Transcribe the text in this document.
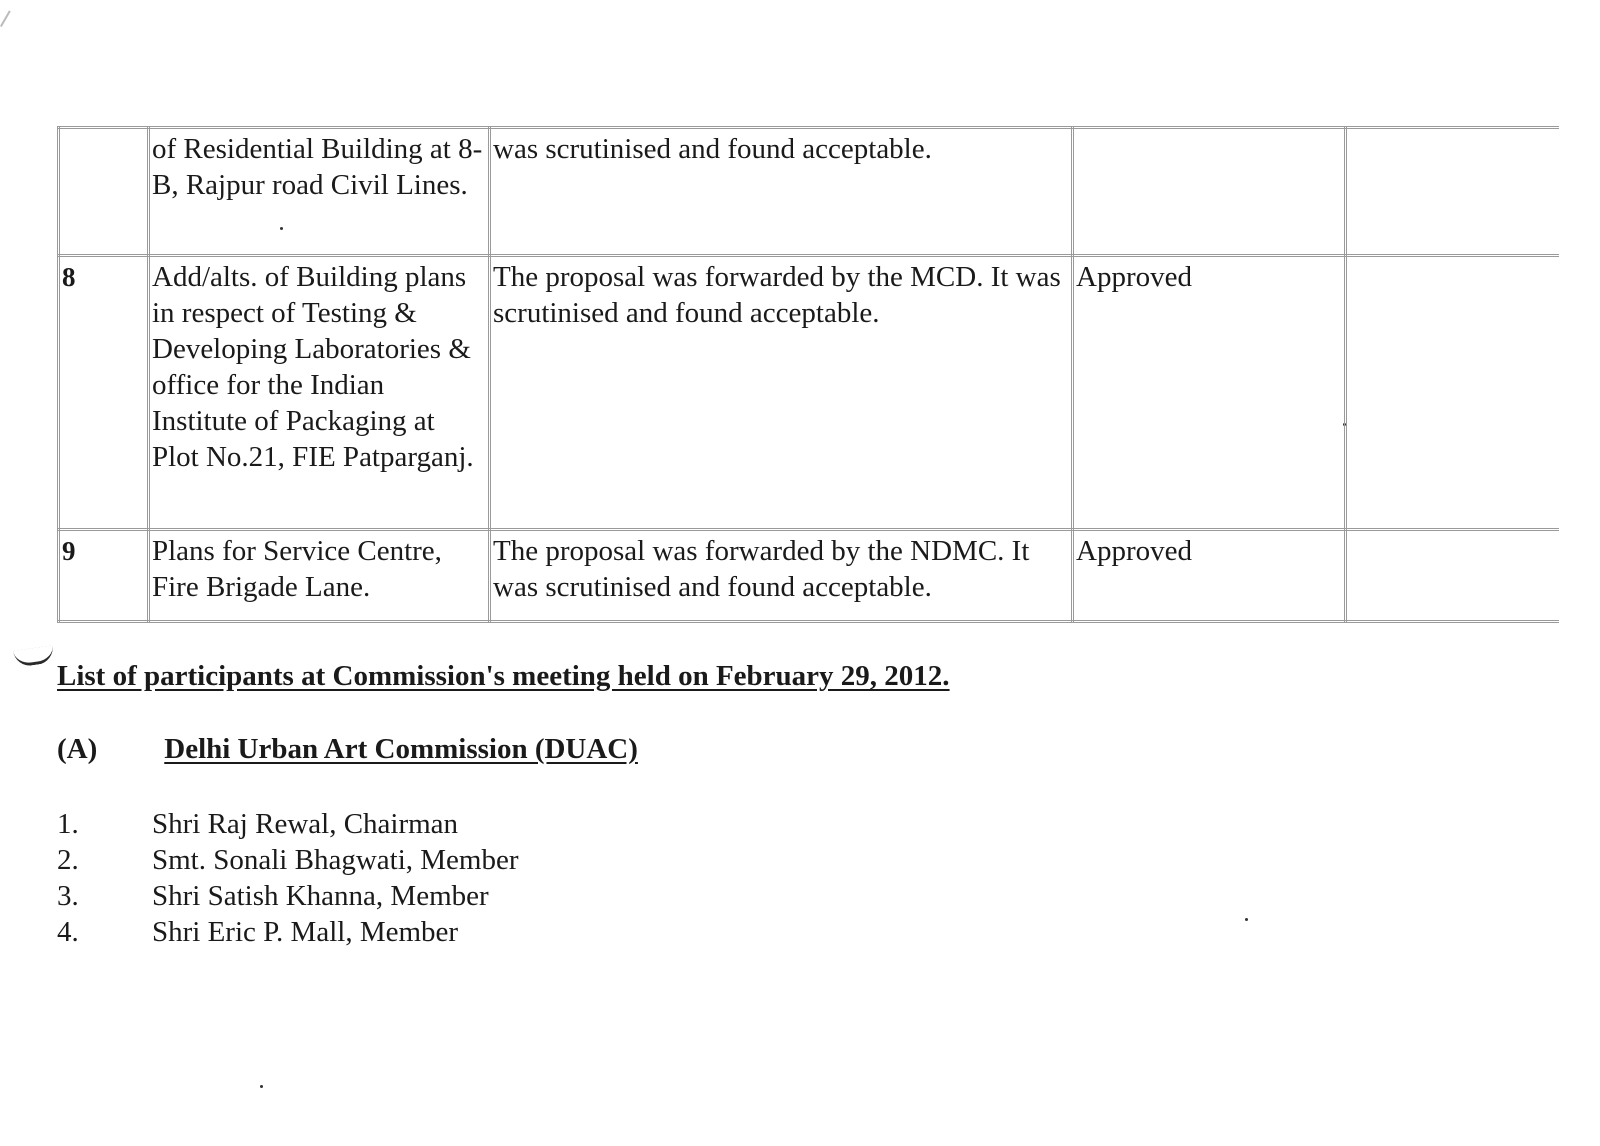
	of Residential Building at 8-B, Rajpur road Civil Lines.	was scrutinised and found acceptable.		
8	Add/alts. of Building plans in respect of Testing & Developing Laboratories & office for the Indian Institute of Packaging at Plot No.21, FIE Patparganj.	The proposal was forwarded by the MCD. It was scrutinised and found acceptable.	Approved	
9	Plans for Service Centre, Fire Brigade Lane.	The proposal was forwarded by the NDMC. It was scrutinised and found acceptable.	Approved	
List of participants at Commission's meeting held on February 29, 2012.
(A) Delhi Urban Art Commission (DUAC)
1.	Shri Raj Rewal, Chairman
2.	Smt. Sonali Bhagwati, Member
3.	Shri Satish Khanna, Member
4.	Shri Eric P. Mall, Member
